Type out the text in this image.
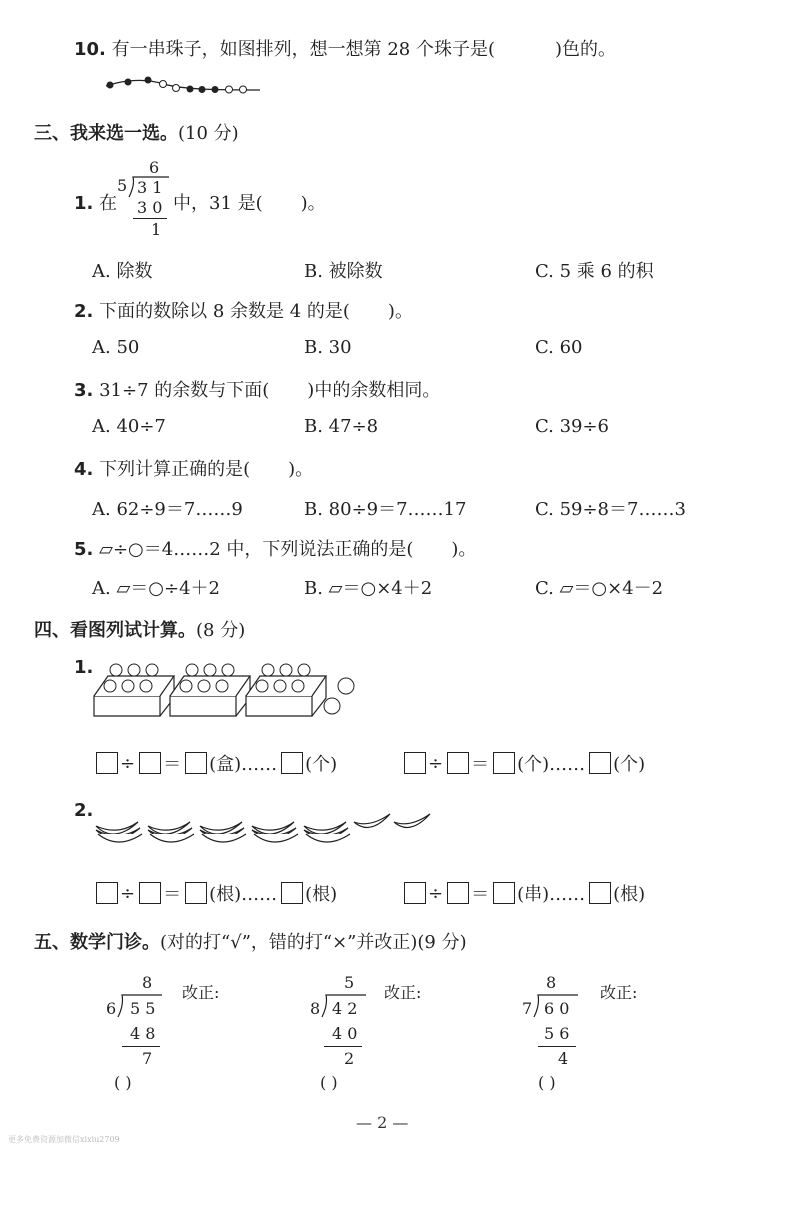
10. 有一串珠子，如图排列，想一想第 28 个珠子是(	)色的。
三、我来选一选。(10 分)
1. 在
6
5 3 1
3 0
1
中，31 是( )。
A. 除数	B. 被除数	C. 5 乘 6 的积
2. 下面的数除以 8 余数是 4 的是( )。
A. 50	B. 30	C. 60
3. 31÷7 的余数与下面( )中的余数相同。
A. 40÷7	B. 47÷8	C. 39÷6
4. 下列计算正确的是( )。
A. 62÷9＝7……9	B. 80÷9＝7……17	C. 59÷8＝7……3
5. ▱÷○＝4……2 中，下列说法正确的是( )。
A. ▱＝○÷4＋2	B. ▱＝○×4＋2	C. ▱＝○×4－2
四、看图列试计算。(8 分)
1.
÷ ＝ (盒)…… (个)	÷ ＝ (个)…… (个)
2.
÷ ＝ (根)…… (根)	÷ ＝ (串)…… (根)
五、数学门诊。(对的打“√”，错的打“×”并改正)(9 分)
8
6 5 5
4 8
7
改正:
( )
5
8 4 2
4 0
2
改正:
( )
8
7 6 0
5 6
4
改正:
( )
— 2 —
更多免费资源加微信xixiu2709
